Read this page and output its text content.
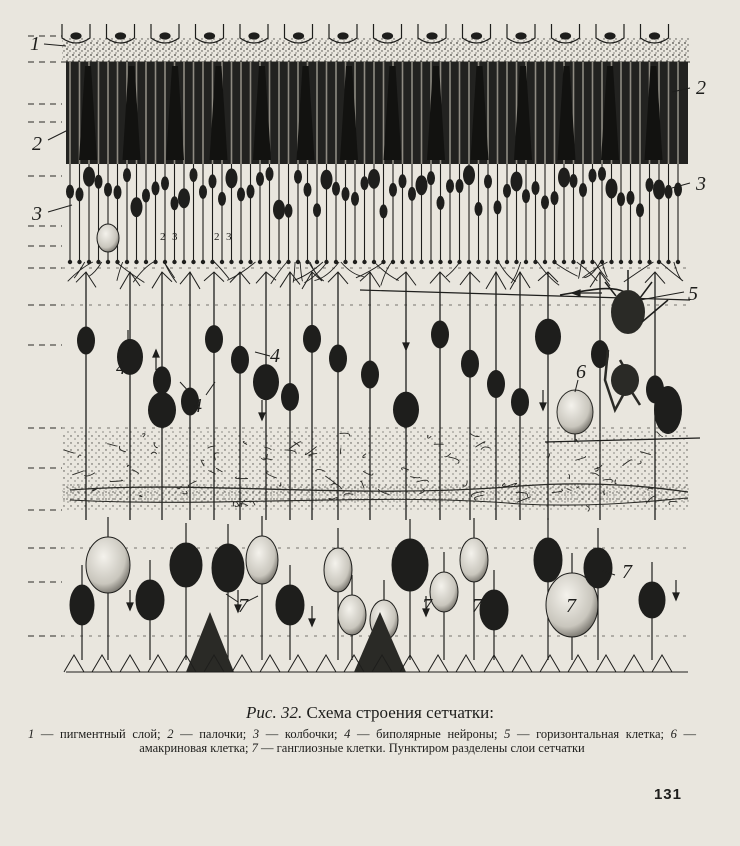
1
2
3
2
3
2 3	2 3
4
4
4
5
6
7	7 7	7
7
Рис. 32. Схема строения сетчатки:
1 — пигментный слой; 2 — палочки; 3 — колбочки; 4 — биполярные нейроны; 5 — горизонтальная клетка; 6 — амакриновая клетка; 7 — ганглиозные клетки. Пунктиром разделены слои сетчатки
131
